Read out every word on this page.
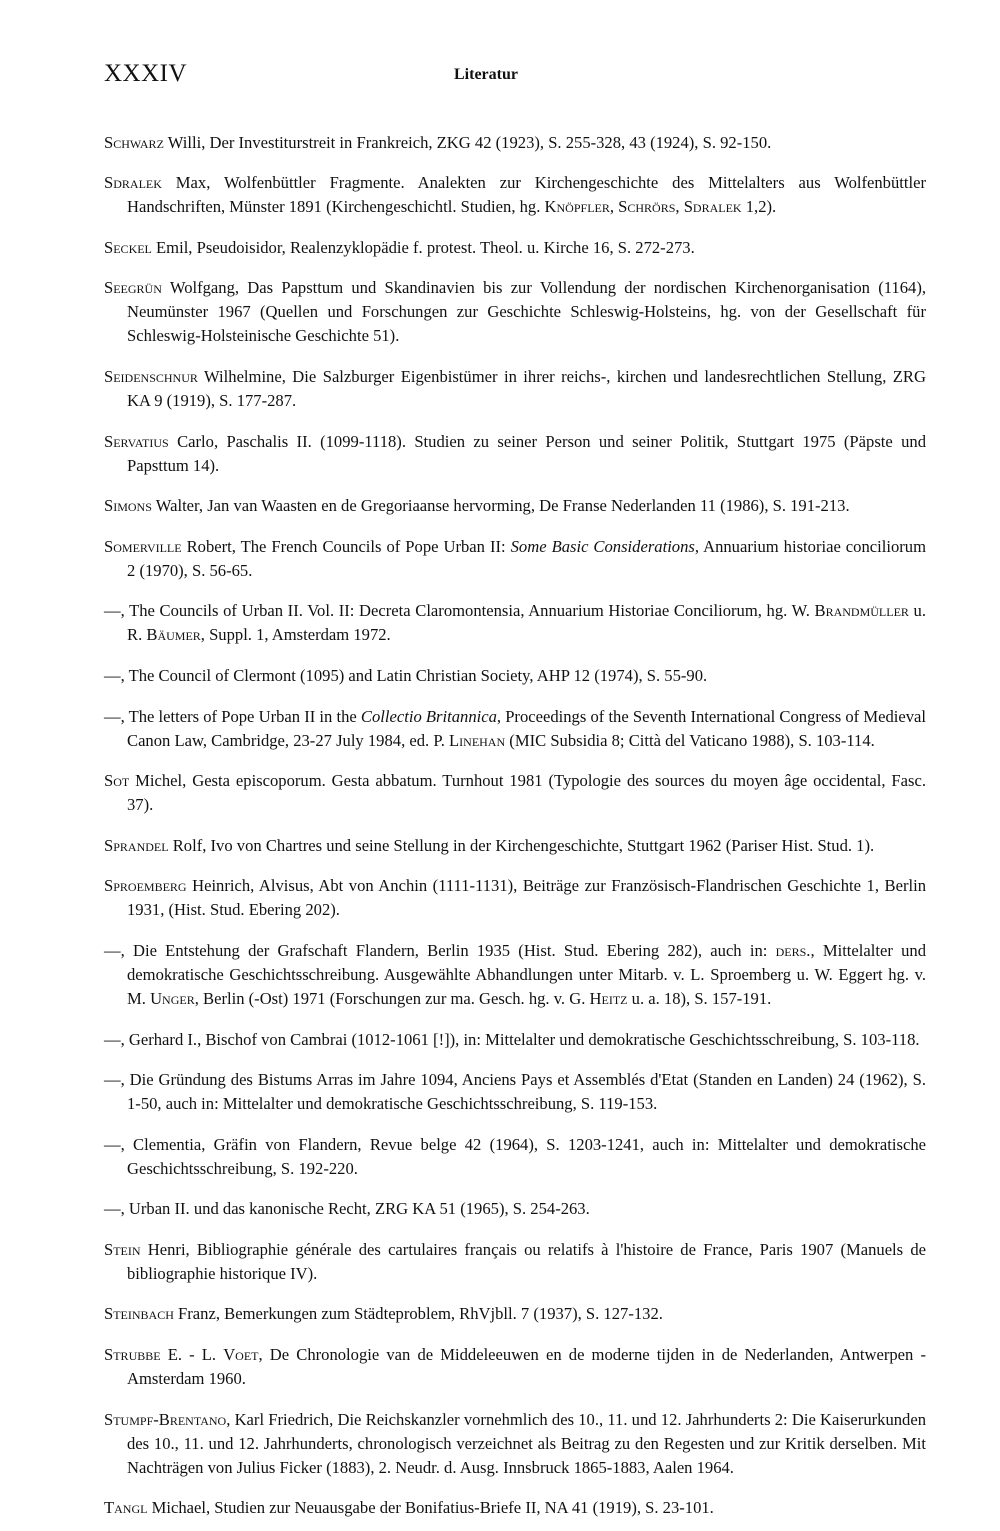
XXXIV	Literatur

Schwarz Willi, Der Investiturstreit in Frankreich, ZKG 42 (1923), S. 255-328, 43 (1924), S. 92-150.

Sdralek Max, Wolfenbüttler Fragmente. Analekten zur Kirchengeschichte des Mittelalters aus Wolfenbüttler Handschriften, Münster 1891 (Kirchengeschichtl. Studien, hg. Knöpfler, Schrörs, Sdralek 1,2).

Seckel Emil, Pseudoisidor, Realenzyklopädie f. protest. Theol. u. Kirche 16, S. 272-273.

Seegrün Wolfgang, Das Papsttum und Skandinavien bis zur Vollendung der nordischen Kirchenorganisation (1164), Neumünster 1967 (Quellen und Forschungen zur Geschichte Schleswig-Holsteins, hg. von der Gesellschaft für Schleswig-Holsteinische Geschichte 51).

Seidenschnur Wilhelmine, Die Salzburger Eigenbistümer in ihrer reichs-, kirchen und landesrechtlichen Stellung, ZRG KA 9 (1919), S. 177-287.

Servatius Carlo, Paschalis II. (1099-1118). Studien zu seiner Person und seiner Politik, Stuttgart 1975 (Päpste und Papsttum 14).

Simons Walter, Jan van Waasten en de Gregoriaanse hervorming, De Franse Nederlanden 11 (1986), S. 191-213.

Somerville Robert, The French Councils of Pope Urban II: Some Basic Considerations, Annuarium historiae conciliorum 2 (1970), S. 56-65.

—, The Councils of Urban II. Vol. II: Decreta Claromontensia, Annuarium Historiae Conciliorum, hg. W. Brandmüller u. R. Bäumer, Suppl. 1, Amsterdam 1972.

—, The Council of Clermont (1095) and Latin Christian Society, AHP 12 (1974), S. 55-90.

—, The letters of Pope Urban II in the Collectio Britannica, Proceedings of the Seventh International Congress of Medieval Canon Law, Cambridge, 23-27 July 1984, ed. P. Linehan (MIC Subsidia 8; Città del Vaticano 1988), S. 103-114.

Sot Michel, Gesta episcoporum. Gesta abbatum. Turnhout 1981 (Typologie des sources du moyen âge occidental, Fasc. 37).

Sprandel Rolf, Ivo von Chartres und seine Stellung in der Kirchengeschichte, Stuttgart 1962 (Pariser Hist. Stud. 1).

Sproemberg Heinrich, Alvisus, Abt von Anchin (1111-1131), Beiträge zur Französisch-Flandrischen Geschichte 1, Berlin 1931, (Hist. Stud. Ebering 202).

—, Die Entstehung der Grafschaft Flandern, Berlin 1935 (Hist. Stud. Ebering 282), auch in: ders., Mittelalter und demokratische Geschichtsschreibung. Ausgewählte Abhandlungen unter Mitarb. v. L. Sproemberg u. W. Eggert hg. v. M. Unger, Berlin (-Ost) 1971 (Forschungen zur ma. Gesch. hg. v. G. Heitz u. a. 18), S. 157-191.

—, Gerhard I., Bischof von Cambrai (1012-1061 [!]), in: Mittelalter und demokratische Geschichtsschreibung, S. 103-118.

—, Die Gründung des Bistums Arras im Jahre 1094, Anciens Pays et Assemblés d'Etat (Standen en Landen) 24 (1962), S. 1-50, auch in: Mittelalter und demokratische Geschichtsschreibung, S. 119-153.

—, Clementia, Gräfin von Flandern, Revue belge 42 (1964), S. 1203-1241, auch in: Mittelalter und demokratische Geschichtsschreibung, S. 192-220.

—, Urban II. und das kanonische Recht, ZRG KA 51 (1965), S. 254-263.

Stein Henri, Bibliographie générale des cartulaires français ou relatifs à l'histoire de France, Paris 1907 (Manuels de bibliographie historique IV).

Steinbach Franz, Bemerkungen zum Städteproblem, RhVjbll. 7 (1937), S. 127-132.

Strubbe E. - L. Voet, De Chronologie van de Middeleeuwen en de moderne tijden in de Nederlanden, Antwerpen - Amsterdam 1960.

Stumpf-Brentano, Karl Friedrich, Die Reichskanzler vornehmlich des 10., 11. und 12. Jahrhunderts 2: Die Kaiserurkunden des 10., 11. und 12. Jahrhunderts, chronologisch verzeichnet als Beitrag zu den Regesten und zur Kritik derselben. Mit Nachträgen von Julius Ficker (1883), 2. Neudr. d. Ausg. Innsbruck 1865-1883, Aalen 1964.

Tangl Michael, Studien zur Neuausgabe der Bonifatius-Briefe II, NA 41 (1919), S. 23-101.
